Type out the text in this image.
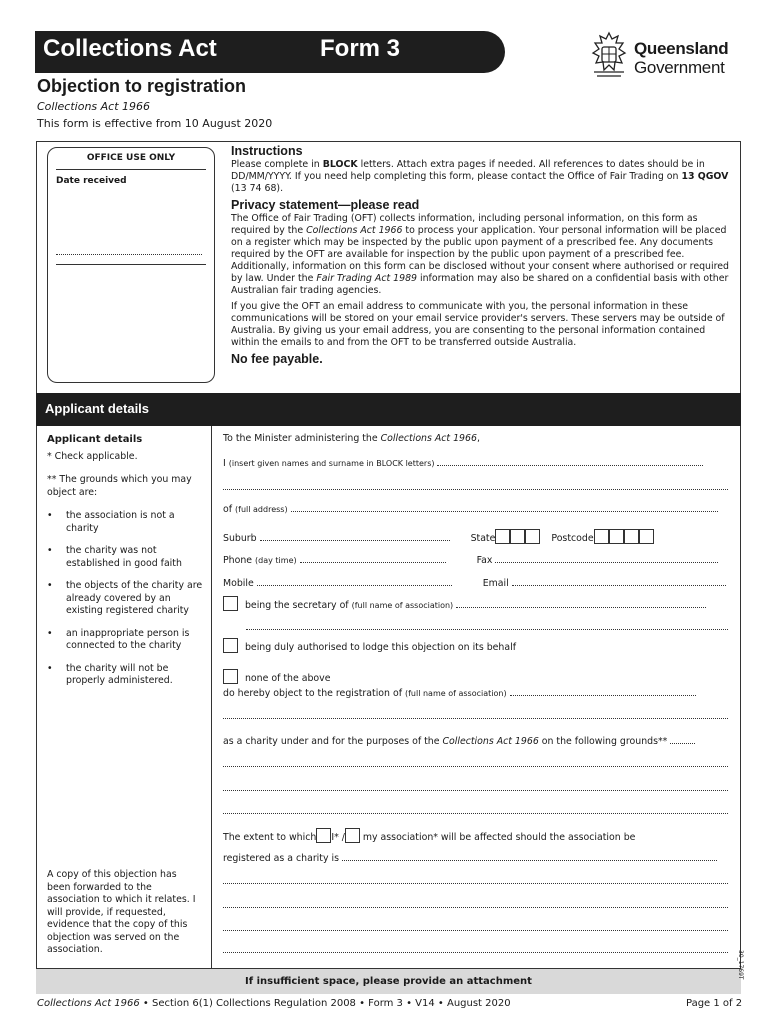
Collections Act	Form 3	Queensland
Government
Objection to registration
Collections Act 1966
This form is effective from 10 August 2020
OFFICE USE ONLY
Date received
Instructions

Please complete in BLOCK letters. Attach extra pages if needed. All references to dates should be in DD/MM/YYYY. If you need help completing this form, please contact the Office of Fair Trading on 13 QGOV (13 74 68).

Privacy statement—please read

The Office of Fair Trading (OFT) collects information, including personal information, on this form as required by the Collections Act 1966 to process your application. Your personal information will be placed on a register which may be inspected by the public upon payment of a prescribed fee. Any documents required by the OFT are available for inspection by the public upon payment of a prescribed fee. Additionally, information on this form can be disclosed without your consent where authorised or required by law. Under the Fair Trading Act 1989 information may also be shared on a confidential basis with other Australian fair trading agencies.

If you give the OFT an email address to communicate with you, the personal information in these communications will be stored on your email service provider's servers. These servers may be outside of Australia. By giving us your email address, you are consenting to the personal information contained within the emails to and from the OFT to be transferred outside Australia.

No fee payable.
Applicant details
Applicant details
* Check applicable.
** The grounds which you may object are:
• the association is not a charity
• the charity was not established in good faith
• the objects of the charity are already covered by an existing registered charity
• an inappropriate person is connected to the charity
• the charity will not be properly administered.
A copy of this objection has been forwarded to the association to which it relates. I will provide, if requested, evidence that the copy of this objection was served on the association.
To the Minister administering the Collections Act 1966,
I (insert given names and surname in BLOCK letters)
of (full address)
Suburb	State	Postcode
Phone (day time)	Fax
Mobile	Email
being the secretary of (full name of association)
being duly authorised to lodge this objection on its behalf
none of the above
do hereby object to the registration of (full name of association)
as a charity under and for the purposes of the Collections Act 1966 on the following grounds**
The extent to which I* / my association* will be affected should the association be
registered as a charity is
If insufficient space, please provide an attachment
Collections Act 1966 • Section 6(1) Collections Regulation 2008 • Form 3 • V14 • August 2020	Page 1 of 2
30_1769T
